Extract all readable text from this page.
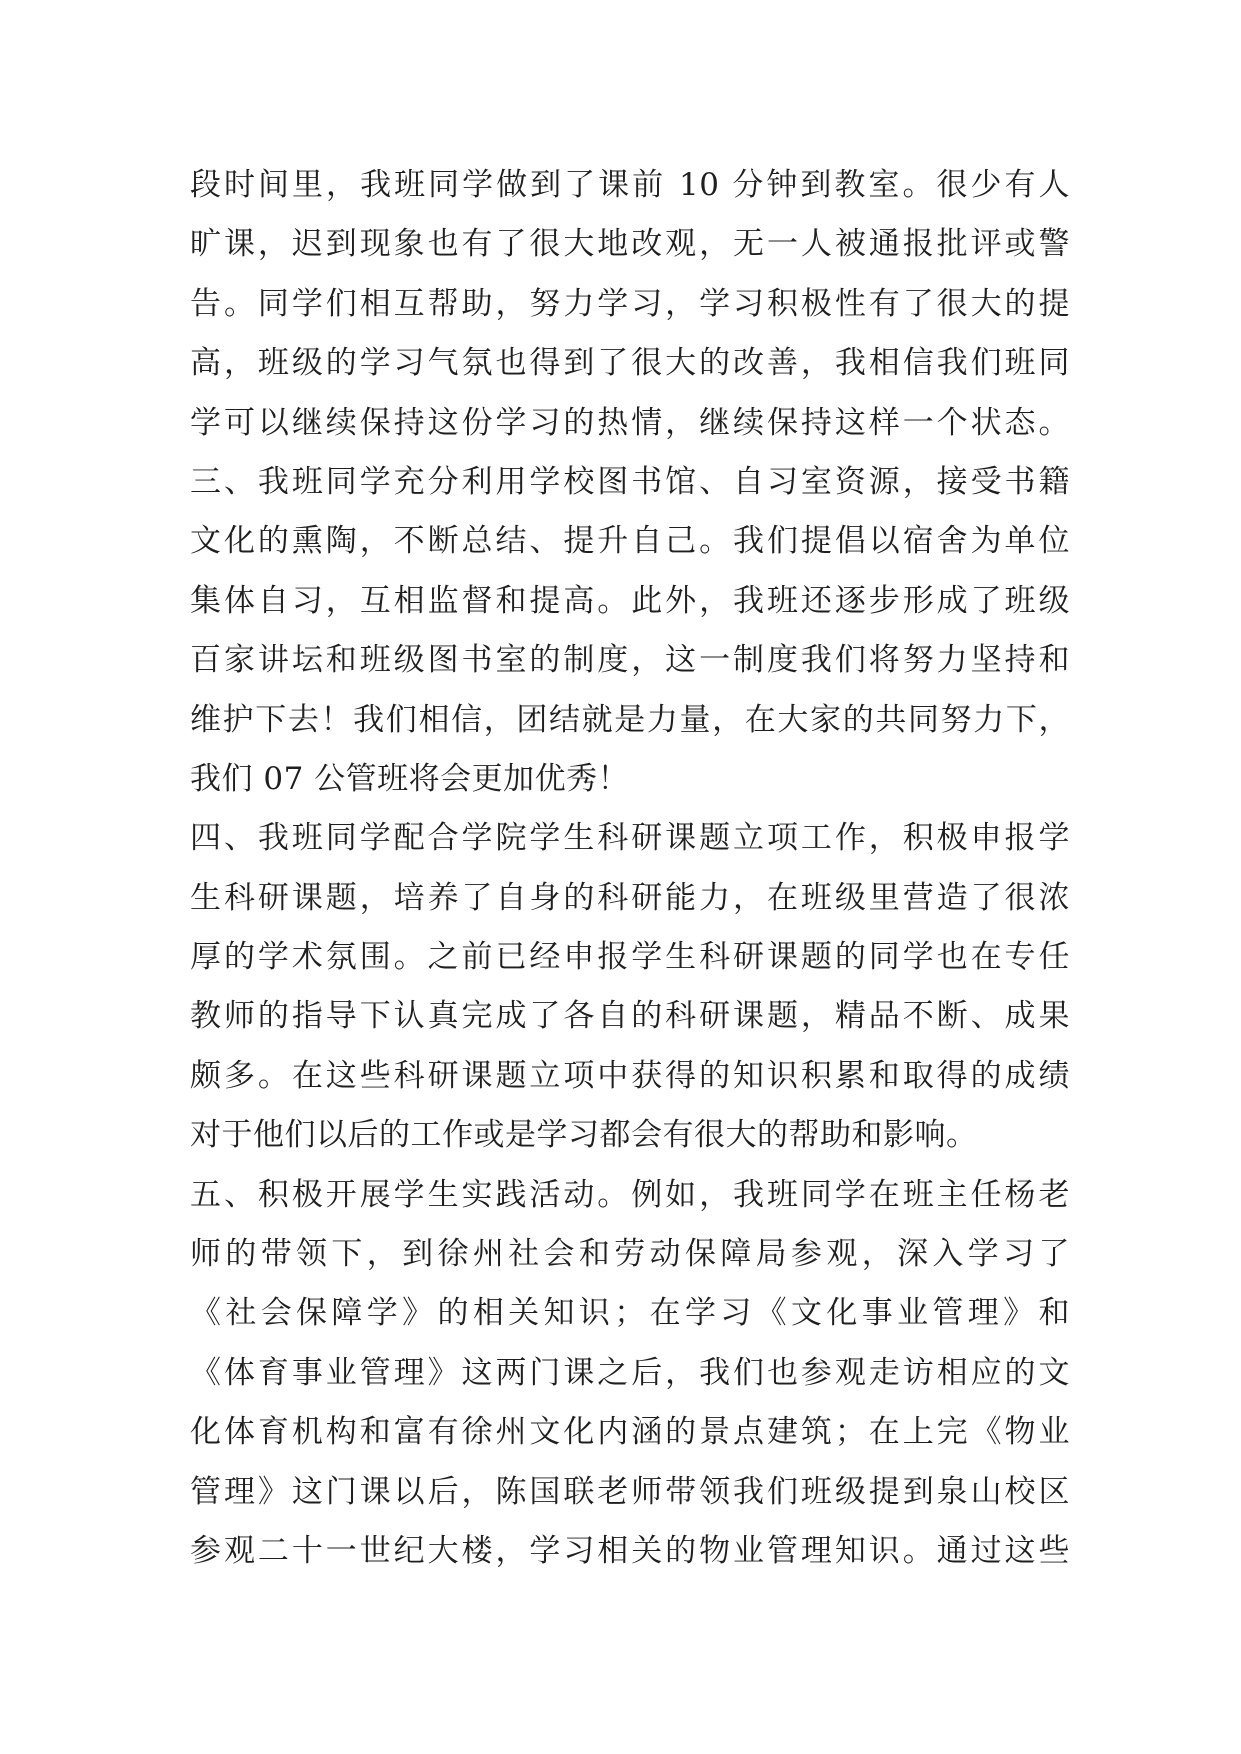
段时间里，我班同学做到了课前 10 分钟到教室。很少有人
旷课，迟到现象也有了很大地改观，无一人被通报批评或警
告。同学们相互帮助，努力学习，学习积极性有了很大的提
高，班级的学习气氛也得到了很大的改善，我相信我们班同
学可以继续保持这份学习的热情，继续保持这样一个状态。
三、我班同学充分利用学校图书馆、自习室资源，接受书籍
文化的熏陶，不断总结、提升自己。我们提倡以宿舍为单位
集体自习，互相监督和提高。此外，我班还逐步形成了班级
百家讲坛和班级图书室的制度，这一制度我们将努力坚持和
维护下去！我们相信，团结就是力量，在大家的共同努力下，
我们 07 公管班将会更加优秀！
四、我班同学配合学院学生科研课题立项工作，积极申报学
生科研课题，培养了自身的科研能力，在班级里营造了很浓
厚的学术氛围。之前已经申报学生科研课题的同学也在专任
教师的指导下认真完成了各自的科研课题，精品不断、成果
颇多。在这些科研课题立项中获得的知识积累和取得的成绩
对于他们以后的工作或是学习都会有很大的帮助和影响。
五、积极开展学生实践活动。例如，我班同学在班主任杨老
师的带领下，到徐州社会和劳动保障局参观，深入学习了
《社会保障学》的相关知识；在学习《文化事业管理》和
《体育事业管理》这两门课之后，我们也参观走访相应的文
化体育机构和富有徐州文化内涵的景点建筑；在上完《物业
管理》这门课以后，陈国联老师带领我们班级提到泉山校区
参观二十一世纪大楼，学习相关的物业管理知识。通过这些
